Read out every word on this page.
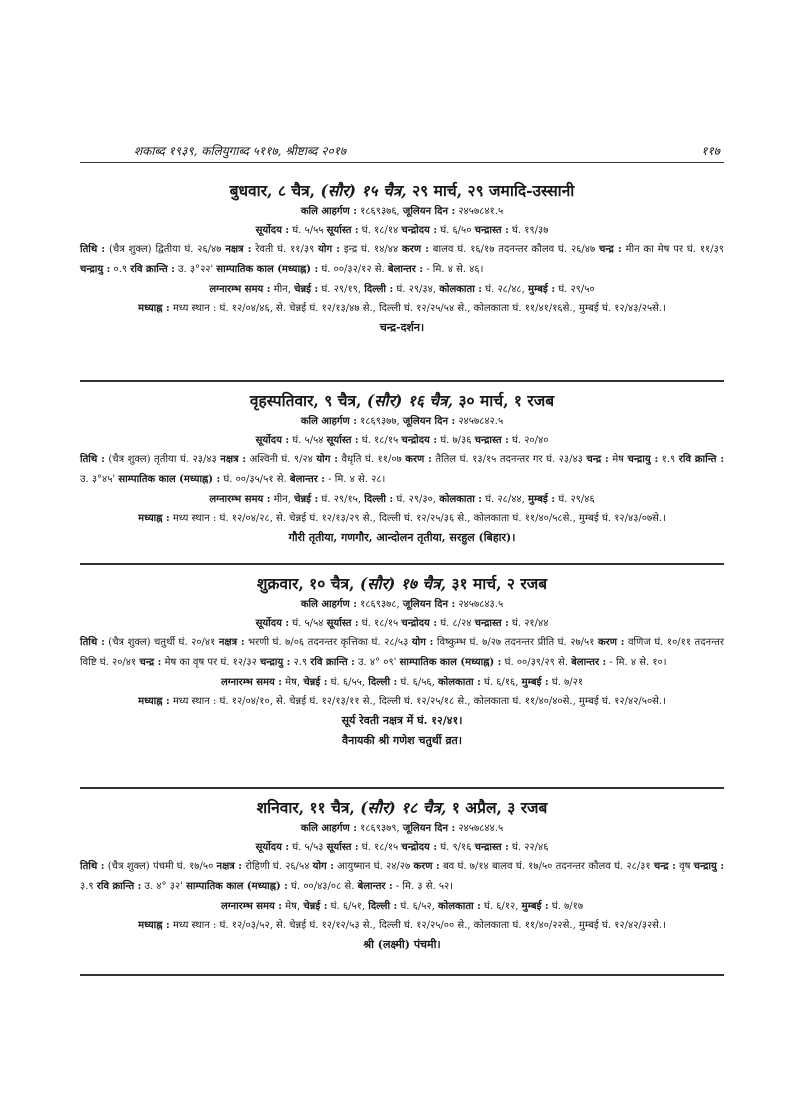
शकाब्द १९३९, कलियुगाब्द ५११७, श्रीष्टाब्द २०१७	११७
बुधवार, ८ चैत्र, (सौर) १५ चैत्र, २९ मार्च, २९ जमादि-उस्सानी
कलि आहर्गण : १८६९३७६, जूलियन दिन : २४५७८४१.५
सूर्योदय : घं. ५/५५ सूर्यास्त : घं. १८/१४ चन्द्रोदय : घं. ६/५० चन्द्रास्त : घं. १९/३७
तिथि : (चैत्र शुक्ल) द्वितीया घं. २६/४७ नक्षत्र : रेवती घं. ११/३९ योग : इन्द्र घं. १४/४४ करण : बालव घं. १६/१७ तदनन्तर कौलव घं. २६/४७ चन्द्र : मीन का मेष पर घं. ११/३९ चन्द्रायु : ०.९ रवि क्रान्ति : उ. ३°२२' साम्पातिक काल (मध्याह्न) : घं. ००/३२/१२ से. बेलान्तर : - मि. ४ से. ४६।
लग्नारम्भ समय : मीन, चेन्नई : घं. २९/१९, दिल्ली : घं. २९/३४, कोलकाता : घं. २८/४८, मुम्बई : घं. २९/५०
मध्याह्न : मध्य स्थान : घं. १२/०४/४६, से. चेन्नई घं. १२/१३/४७ से., दिल्ली घं. १२/२५/५४ से., कोलकाता घं. ११/४१/१६से., मुम्बई घं. १२/४३/२५से.।
चन्द्र-दर्शन।
वृहस्पतिवार, ९ चैत्र, (सौर) १६ चैत्र, ३० मार्च, १ रजब
कलि आहर्गण : १८६९३७७, जूलियन दिन : २४५७८४२.५
सूर्योदय : घं. ५/५४ सूर्यास्त : घं. १८/१५ चन्द्रोदय : घं. ७/३६ चन्द्रास्त : घं. २०/४०
तिथि : (चैत्र शुक्ल) तृतीया घं. २३/४३ नक्षत्र : अश्विनी घं. ९/२४ योग : वैधृति घं. ११/०७ करण : तैतिल घं. १३/१५ तदनन्तर गर घं. २३/४३ चन्द्र : मेष चन्द्रायु : १.९ रवि क्रान्ति : उ. ३°४५' साम्पातिक काल (मध्याह्न) : घं. ००/३५/५१ से. बेलान्तर : - मि. ४ से. २८।
लग्नारम्भ समय : मीन, चेन्नई : घं. २९/१५, दिल्ली : घं. २९/३०, कोलकाता : घं. २८/४४, मुम्बई : घं. २९/४६
मध्याह्न : मध्य स्थान : घं. १२/०४/२८, से. चेन्नई घं. १२/१३/२९ से., दिल्ली घं. १२/२५/३६ से., कोलकाता घं. ११/४०/५८से., मुम्बई घं. १२/४३/०७से.।
गौरी तृतीया, गणगौर, आन्दोलन तृतीया, सरहुल (बिहार)।
शुक्रवार, १० चैत्र, (सौर) १७ चैत्र, ३१ मार्च, २ रजब
कलि आहर्गण : १८६९३७८, जूलियन दिन : २४५७८४३.५
सूर्योदय : घं. ५/५४ सूर्यास्त : घं. १८/१५ चन्द्रोदय : घं. ८/२४ चन्द्रास्त : घं. २१/४४
तिथि : (चैत्र शुक्ल) चतुर्थी घं. २०/४१ नक्षत्र : भरणी घं. ७/०६ तदनन्तर कृत्तिका घं. २८/५३ योग : विष्कुम्भ घं. ७/२७ तदनन्तर प्रीति घं. २७/५१ करण : वणिज घं. १०/११ तदनन्तर विष्टि घं. २०/४१ चन्द्र : मेष का वृष पर घं. १२/३२ चन्द्रायु : २.९ रवि क्रान्ति : उ. ४° ०९' साम्पातिक काल (मध्याह्न) : घं. ००/३९/२९ से. बेलान्तर : - मि. ४ से. १०।
लग्नारम्भ समय : मेष, चेन्नई : घं. ६/५५, दिल्ली : घं. ६/५६, कोलकाता : घं. ६/१६, मुम्बई : घं. ७/२१
मध्याह्न : मध्य स्थान : घं. १२/०४/१०, से. चेन्नई घं. १२/१३/११ से., दिल्ली घं. १२/२५/१८ से., कोलकाता घं. ११/४०/४०से., मुम्बई घं. १२/४२/५०से.।
सूर्य रेवती नक्षत्र में घं. १२/४१।
वैनायकी श्री गणेश चतुर्थी व्रत।
शनिवार, ११ चैत्र, (सौर) १८ चैत्र, १ अप्रैल, ३ रजब
कलि आहर्गण : १८६९३७९, जूलियन दिन : २४५७८४४.५
सूर्योदय : घं. ५/५३ सूर्यास्त : घं. १८/१५ चन्द्रोदय : घं. ९/१६ चन्द्रास्त : घं. २२/४६
तिथि : (चैत्र शुक्ल) पंचमी घं. १७/५० नक्षत्र : रोहिणी घं. २६/५४ योग : आयुष्मान घं. २४/२७ करण : बव घं. ७/१४ बालव घं. १७/५० तदनन्तर कौलव घं. २८/३१ चन्द्र : वृष चन्द्रायु : ३.९ रवि क्रान्ति : उ. ४° ३२' साम्पातिक काल (मध्याह्न) : घं. ००/४३/०८ से. बेलान्तर : - मि. ३ से. ५२।
लग्नारम्भ समय : मेष, चेन्नई : घं. ६/५१, दिल्ली : घं. ६/५२, कोलकाता : घं. ६/१२, मुम्बई : घं. ७/१७
मध्याह्न : मध्य स्थान : घं. १२/०३/५२, से. चेन्नई घं. १२/१२/५३ से., दिल्ली घं. १२/२५/०० से., कोलकाता घं. ११/४०/२२से., मुम्बई घं. १२/४२/३२से.।
श्री (लक्ष्मी) पंचमी।
